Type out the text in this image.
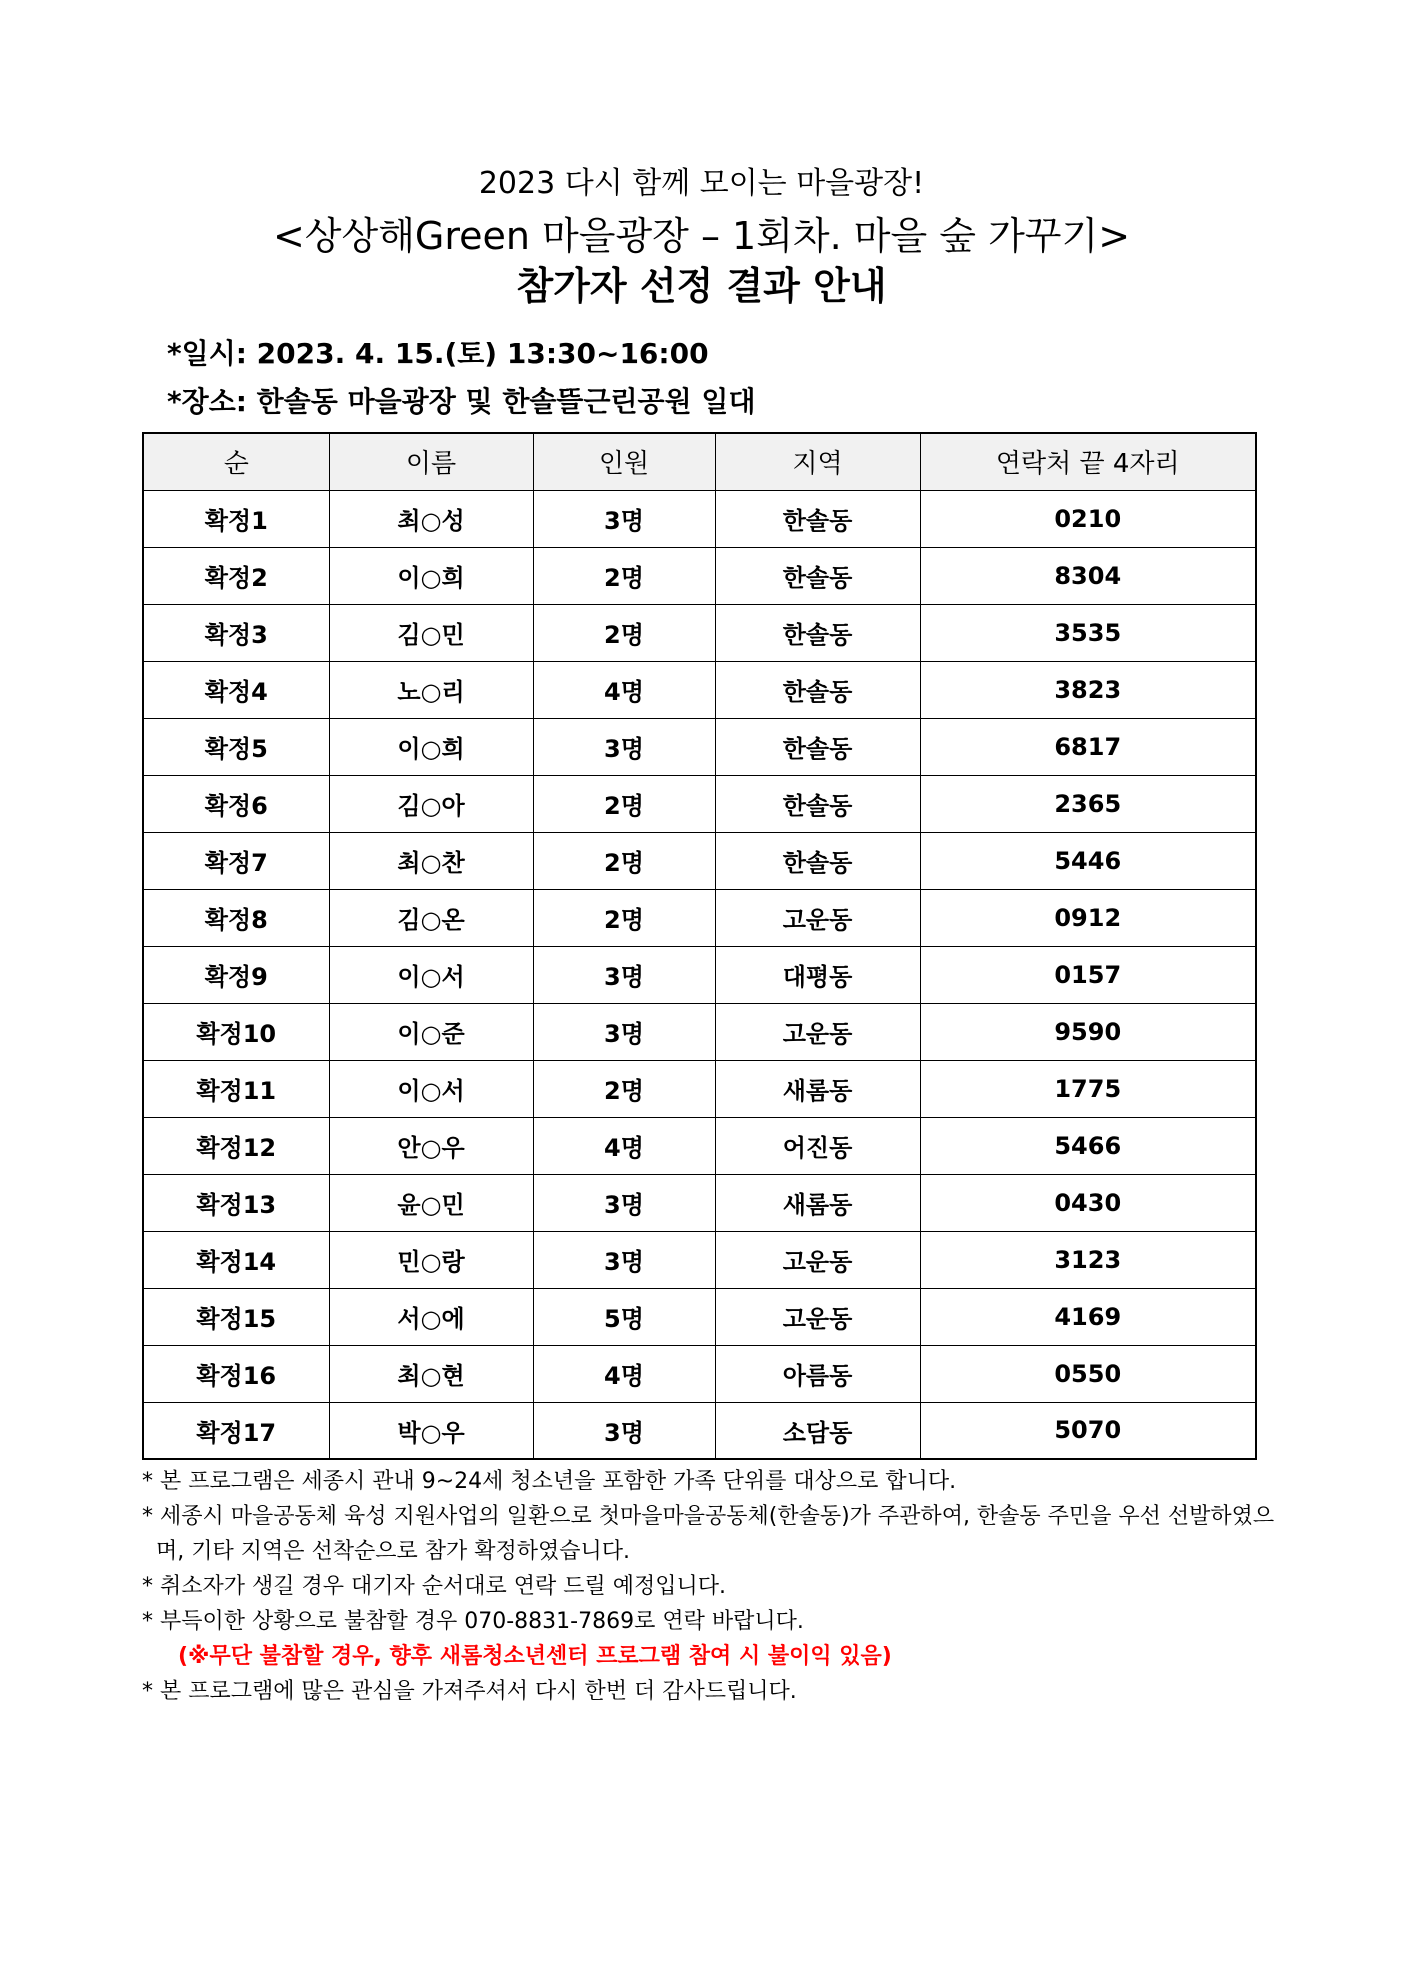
2023 다시 함께 모이는 마을광장!
<상상해Green 마을광장 – 1회차. 마을 숲 가꾸기>
참가자 선정 결과 안내
*일시: 2023. 4. 15.(토) 13:30~16:00
*장소: 한솔동 마을광장 및 한솔뜰근린공원 일대
순	이름	인원	지역	연락처 끝 4자리
확정1	최○성	3명	한솔동	0210
확정2	이○희	2명	한솔동	8304
확정3	김○민	2명	한솔동	3535
확정4	노○리	4명	한솔동	3823
확정5	이○희	3명	한솔동	6817
확정6	김○아	2명	한솔동	2365
확정7	최○찬	2명	한솔동	5446
확정8	김○온	2명	고운동	0912
확정9	이○서	3명	대평동	0157
확정10	이○준	3명	고운동	9590
확정11	이○서	2명	새롬동	1775
확정12	안○우	4명	어진동	5466
확정13	윤○민	3명	새롬동	0430
확정14	민○랑	3명	고운동	3123
확정15	서○에	5명	고운동	4169
확정16	최○현	4명	아름동	0550
확정17	박○우	3명	소담동	5070
* 본 프로그램은 세종시 관내 9~24세 청소년을 포함한 가족 단위를 대상으로 합니다.
* 세종시 마을공동체 육성 지원사업의 일환으로 첫마을마을공동체(한솔동)가 주관하여, 한솔동 주민을 우선 선발하였으며, 기타 지역은 선착순으로 참가 확정하였습니다.
* 취소자가 생길 경우 대기자 순서대로 연락 드릴 예정입니다.
* 부득이한 상황으로 불참할 경우 070-8831-7869로 연락 바랍니다.
(※무단 불참할 경우, 향후 새롬청소년센터 프로그램 참여 시 불이익 있음)
* 본 프로그램에 많은 관심을 가져주셔서 다시 한번 더 감사드립니다.
